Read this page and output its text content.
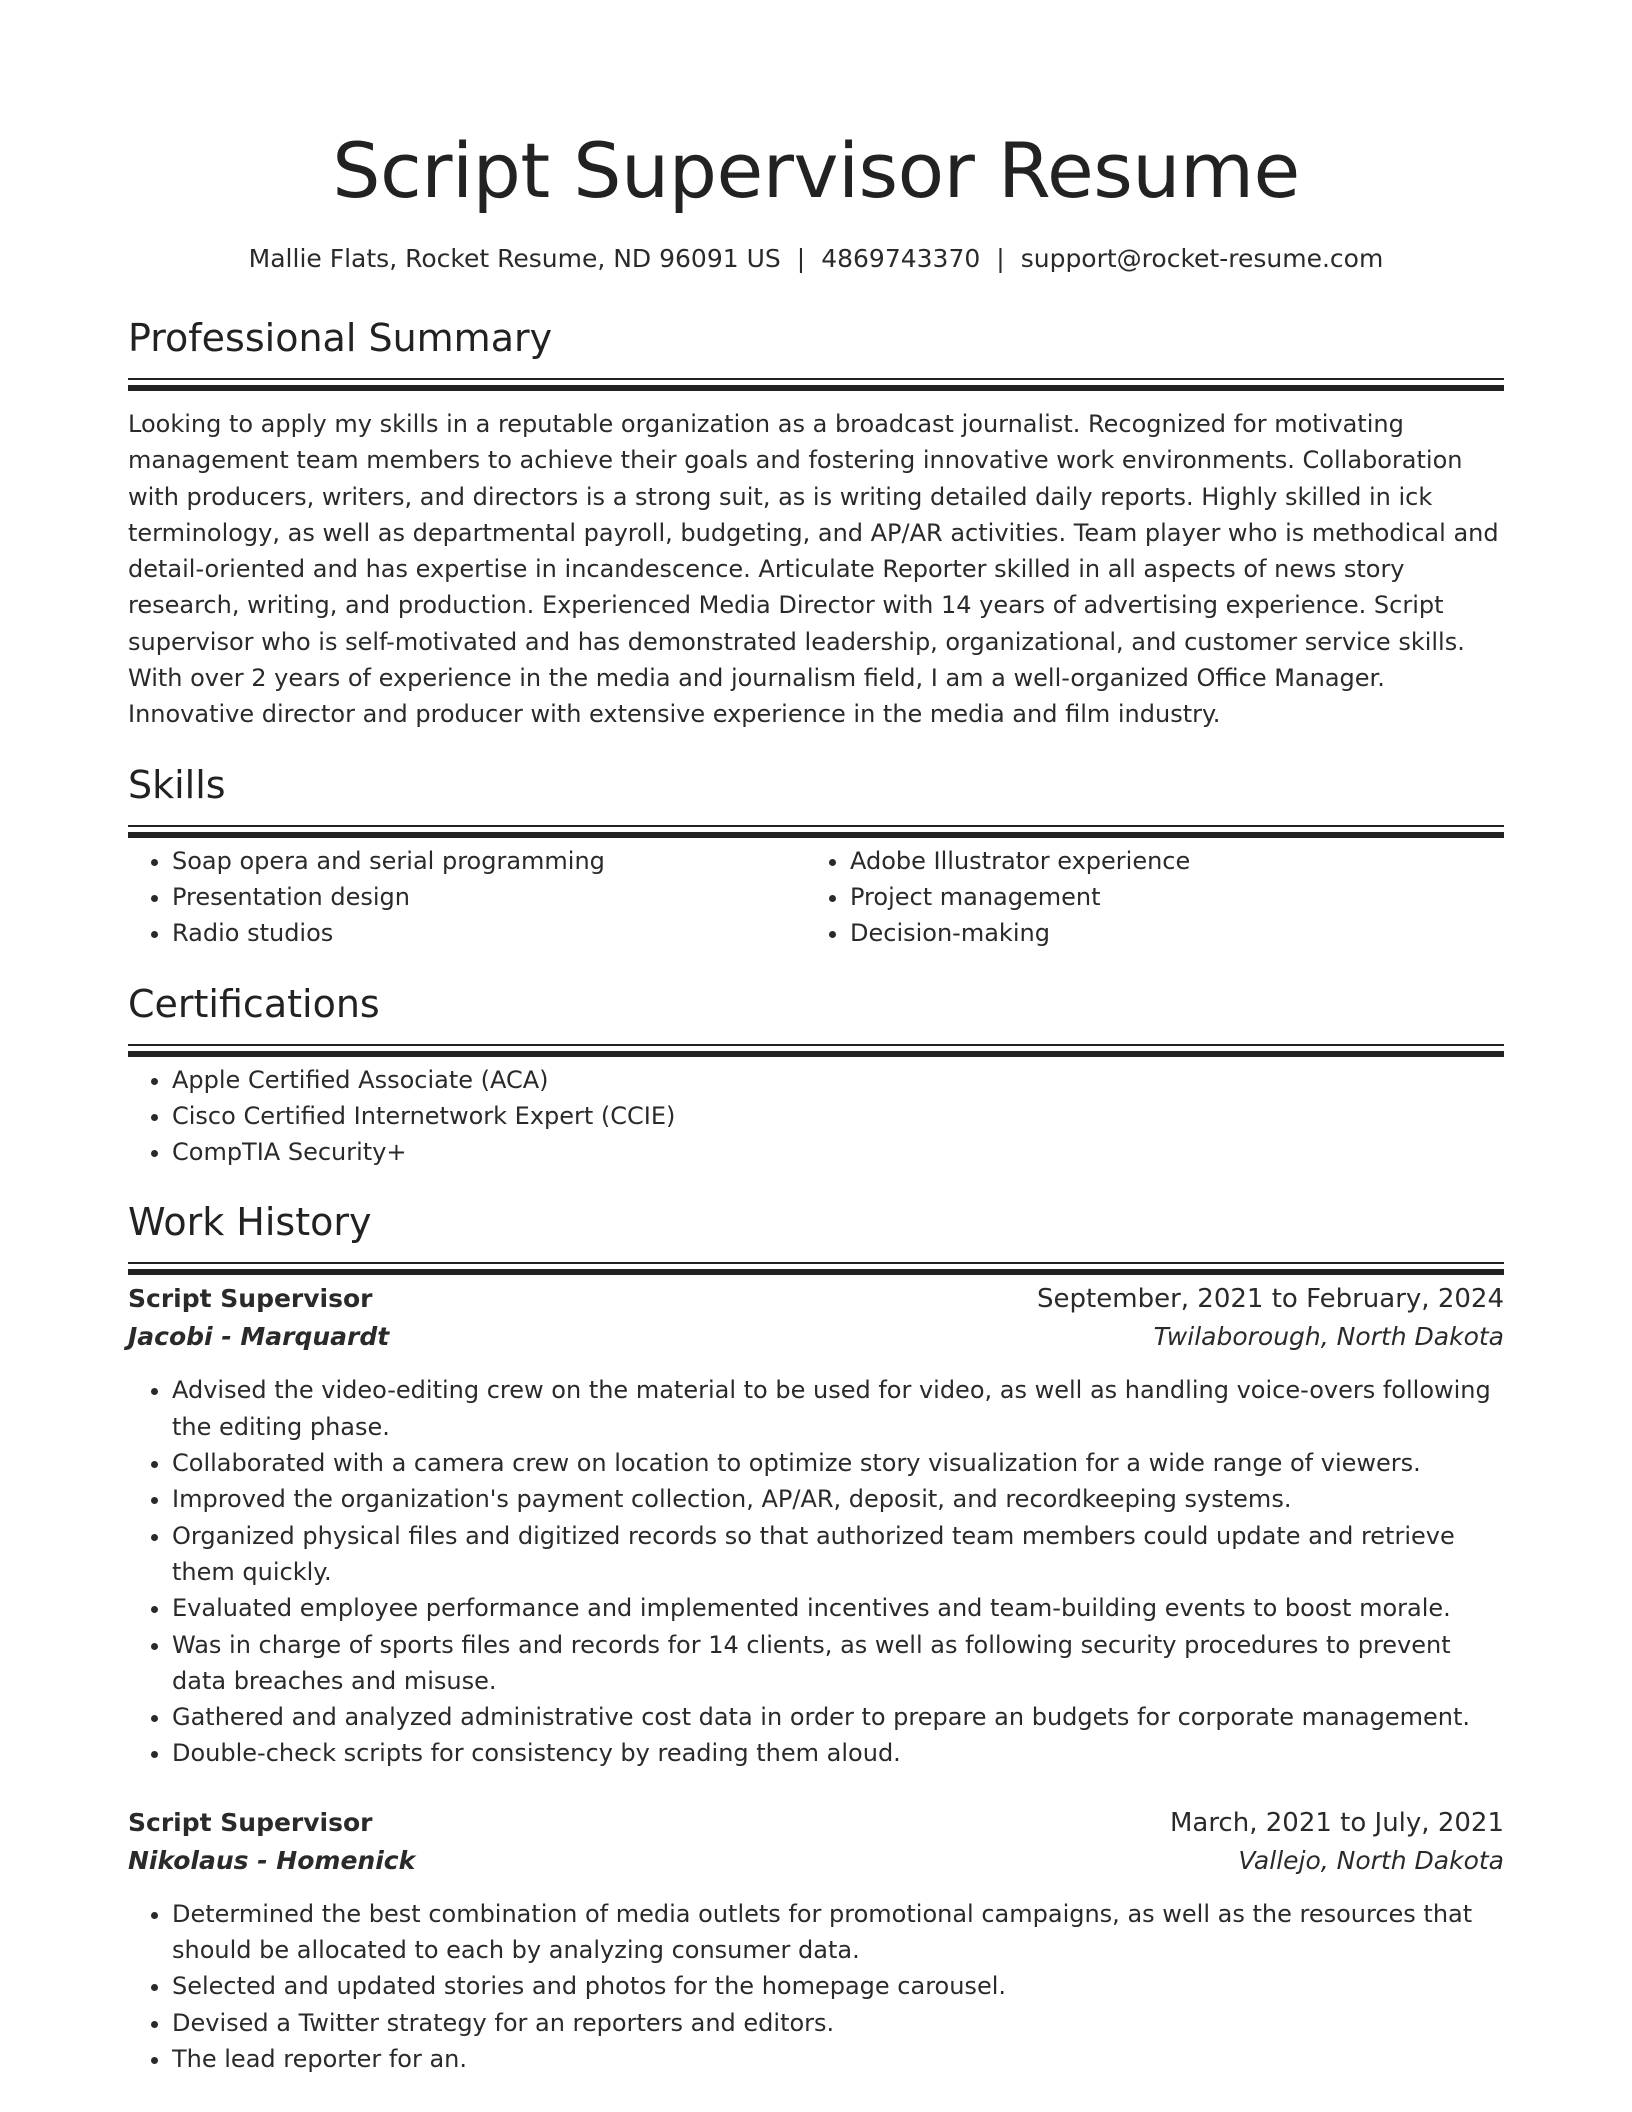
Script Supervisor Resume
Mallie Flats, Rocket Resume, ND 96091 US | 4869743370 | support@rocket-resume.com
Professional Summary

Looking to apply my skills in a reputable organization as a broadcast journalist. Recognized for motivating management team members to achieve their goals and fostering innovative work environments. Collaboration with producers, writers, and directors is a strong suit, as is writing detailed daily reports. Highly skilled in ick terminology, as well as departmental payroll, budgeting, and AP/AR activities. Team player who is methodical and detail-oriented and has expertise in incandescence. Articulate Reporter skilled in all aspects of news story research, writing, and production. Experienced Media Director with 14 years of advertising experience. Script supervisor who is self-motivated and has demonstrated leadership, organizational, and customer service skills. With over 2 years of experience in the media and journalism field, I am a well-organized Office Manager. Innovative director and producer with extensive experience in the media and film industry.

Skills
• Soap opera and serial programming
• Presentation design
• Radio studios
• Adobe Illustrator experience
• Project management
• Decision-making
Certifications
• Apple Certified Associate (ACA)
• Cisco Certified Internetwork Expert (CCIE)
• CompTIA Security+
Work History
Script Supervisor	September, 2021 to February, 2024
Jacobi - Marquardt	Twilaborough, North Dakota
• Advised the video-editing crew on the material to be used for video, as well as handling voice-overs following the editing phase.
• Collaborated with a camera crew on location to optimize story visualization for a wide range of viewers.
• Improved the organization's payment collection, AP/AR, deposit, and recordkeeping systems.
• Organized physical files and digitized records so that authorized team members could update and retrieve them quickly.
• Evaluated employee performance and implemented incentives and team-building events to boost morale.
• Was in charge of sports files and records for 14 clients, as well as following security procedures to prevent data breaches and misuse.
• Gathered and analyzed administrative cost data in order to prepare an budgets for corporate management.
• Double-check scripts for consistency by reading them aloud.
Script Supervisor	March, 2021 to July, 2021
Nikolaus - Homenick	Vallejo, North Dakota
• Determined the best combination of media outlets for promotional campaigns, as well as the resources that should be allocated to each by analyzing consumer data.
• Selected and updated stories and photos for the homepage carousel.
• Devised a Twitter strategy for an reporters and editors.
• The lead reporter for an.
